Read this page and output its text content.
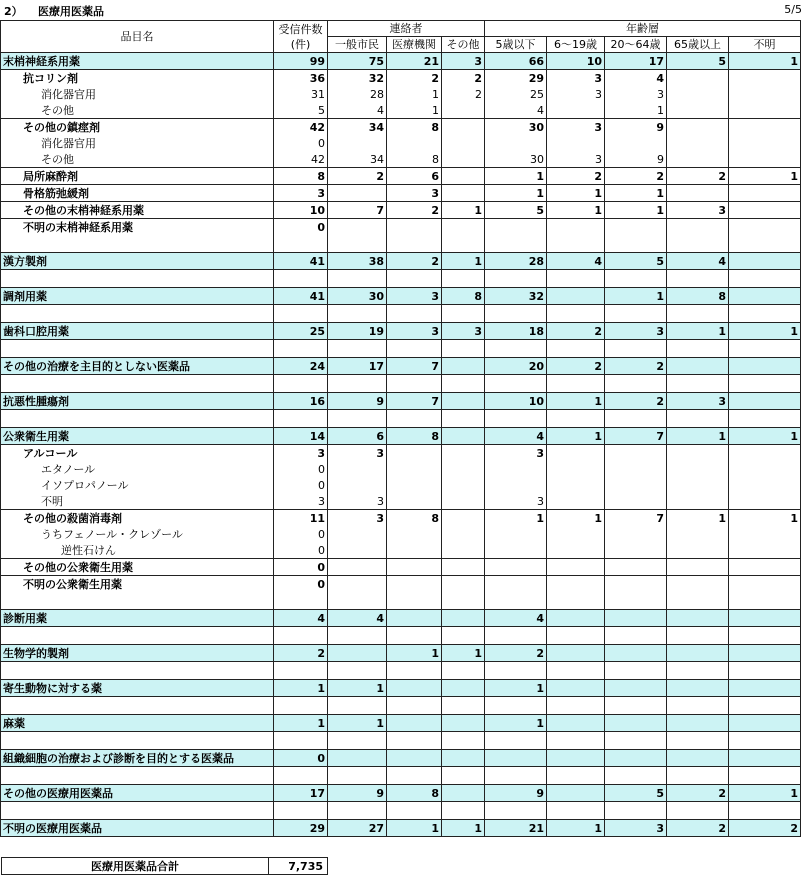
2） 医療用医薬品	5/5
品目名	受信件数
(件)	連絡者			年齢層				
		一般市民	医療機関	その他	5歳以下	6～19歳	20～64歳	65歳以上	不明
末梢神経系用薬	99	75	21	3	66	10	17	5	1
抗コリン剤	36	32	2	2	29	3	4		
消化器官用	31	28	1	2	25	3	3		
その他	5	4	1		4		1		
その他の鎮痙剤	42	34	8		30	3	9		
消化器官用	0								
その他	42	34	8		30	3	9		
局所麻酔剤	8	2	6		1	2	2	2	1
骨格筋弛緩剤	3		3		1	1	1		
その他の末梢神経系用薬	10	7	2	1	5	1	1	3	
不明の末梢神経系用薬	0								

漢方製剤	41	38	2	1	28	4	5	4	

調剤用薬	41	30	3	8	32		1	8	

歯科口腔用薬	25	19	3	3	18	2	3	1	1

その他の治療を主目的としない医薬品	24	17	7		20	2	2		

抗悪性腫瘍剤	16	9	7		10	1	2	3	

公衆衛生用薬	14	6	8		4	1	7	1	1
アルコール	3	3			3				
エタノール	0								
イソプロパノール	0								
不明	3	3			3				
その他の殺菌消毒剤	11	3	8		1	1	7	1	1
うちフェノール・クレゾール	0								
逆性石けん	0								
その他の公衆衛生用薬	0								
不明の公衆衛生用薬	0								

診断用薬	4	4			4				

生物学的製剤	2		1	1	2				

寄生動物に対する薬	1	1			1				

麻薬	1	1			1				

組織細胞の治療および診断を目的とする医薬品	0								

その他の医療用医薬品	17	9	8		9		5	2	1

不明の医療用医薬品	29	27	1	1	21	1	3	2	2
医療用医薬品合計	7,735
